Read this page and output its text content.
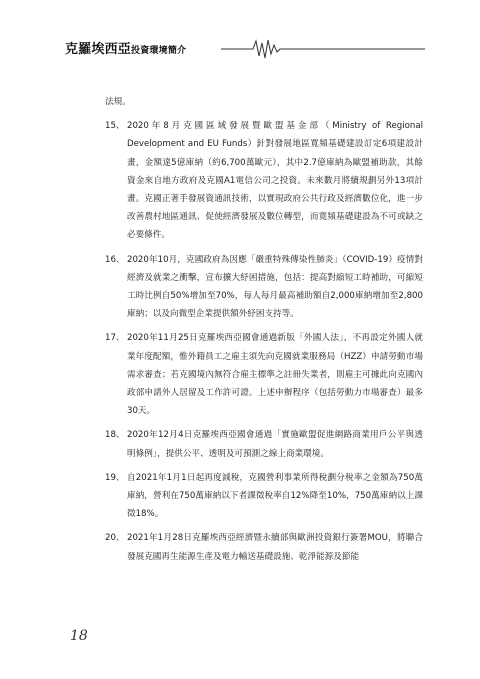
克羅埃西亞投資環境簡介

法規。

15、 2020年8月克國區域發展暨歐盟基金部（Ministry of Regional Development and EU Funds）針對發展地區寬頻基礎建設訂定6項建設計畫，金額達5億庫納（約6,700萬歐元），其中2.7億庫納為歐盟補助款，其餘資金來自地方政府及克國A1電信公司之投資。未來數月將續規劃另外13項計畫。克國正著手發展資通訊技術，以實現政府公共行政及經濟數位化，進一步改善農村地區通訊、促使經濟發展及數位轉型，而寬頻基礎建設為不可或缺之必要條件。
16、 2020年10月，克國政府為因應「嚴重特殊傳染性肺炎」（COVID-19）疫情對經濟及就業之衝擊，宣布擴大紓困措施，包括：提高對縮短工時補助，可縮短工時比例自50%增加至70%，每人每月最高補助額自2,000庫納增加至2,800庫納；以及向微型企業提供額外紓困支持等。
17、 2020年11月25日克羅埃西亞國會通過新版「外國人法」，不再設定外國人就業年度配額，惟外籍員工之雇主須先向克國就業服務局（HZZ）申請勞動市場需求審查；若克國境內無符合雇主標準之註冊失業者，則雇主可據此向克國內政部申請外人居留及工作許可證。上述申辦程序（包括勞動力市場審查）最多30天。
18、 2020年12月4日克羅埃西亞國會通過「實施歐盟促進網路商業用戶公平與透明條例」，提供公平、透明及可預測之線上商業環境。
19、 自2021年1月1日起再度減稅，克國營利事業所得稅劃分稅率之金額為750萬庫納，營利在750萬庫納以下者課徵稅率自12%降至10%，750萬庫納以上課徵18%。
20、 2021年1月28日克羅埃西亞經濟暨永續部與歐洲投資銀行簽署MOU，將聯合發展克國再生能源生產及電力輸送基礎設施、乾淨能源及節能
18
